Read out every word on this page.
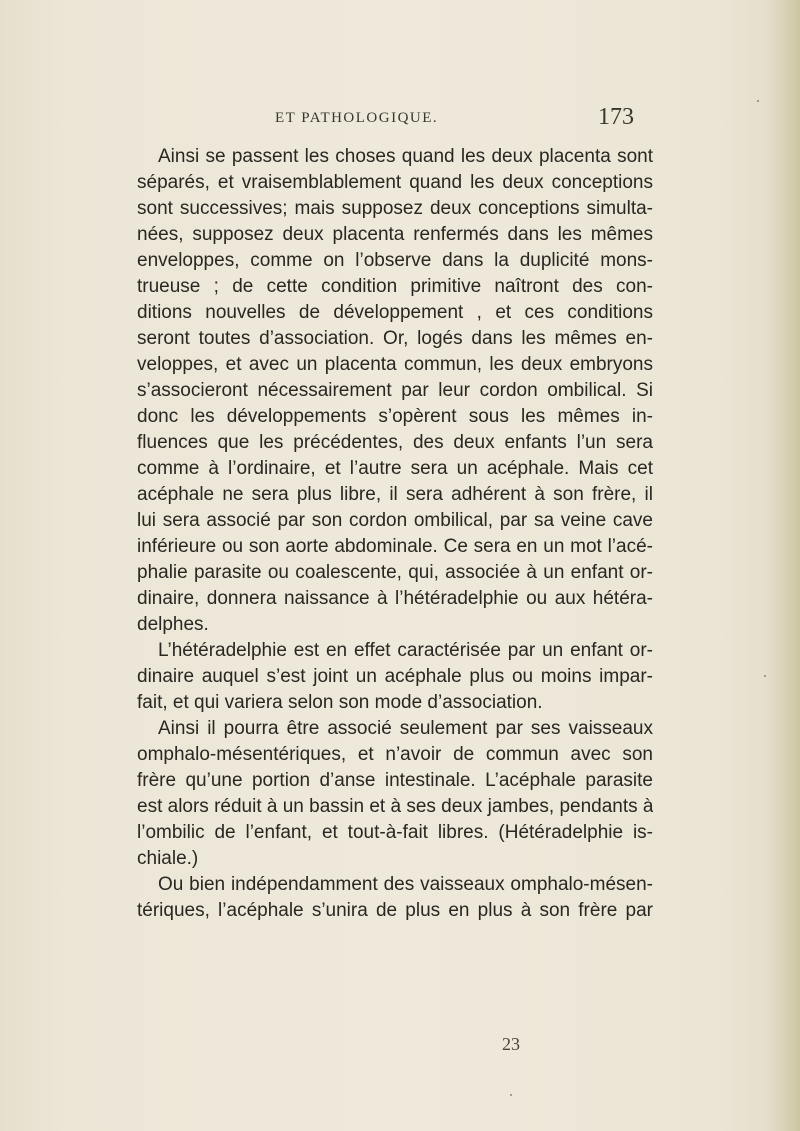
ET PATHOLOGIQUE.	173
Ainsi se passent les choses quand les deux placenta sont
séparés, et vraisemblablement quand les deux conceptions
sont successives; mais supposez deux conceptions simulta-
nées, supposez deux placenta renfermés dans les mêmes
enveloppes, comme on l’observe dans la duplicité mons-
trueuse ; de cette condition primitive naîtront des con-
ditions nouvelles de développement , et ces conditions
seront toutes d’association. Or, logés dans les mêmes en-
veloppes, et avec un placenta commun, les deux embryons
s’associeront nécessairement par leur cordon ombilical. Si
donc les développements s’opèrent sous les mêmes in-
fluences que les précédentes, des deux enfants l’un sera
comme à l’ordinaire, et l’autre sera un acéphale. Mais cet
acéphale ne sera plus libre, il sera adhérent à son frère, il
lui sera associé par son cordon ombilical, par sa veine cave
inférieure ou son aorte abdominale. Ce sera en un mot l’acé-
phalie parasite ou coalescente, qui, associée à un enfant or-
dinaire, donnera naissance à l’hétéradelphie ou aux hétéra-
delphes.
L’hétéradelphie est en effet caractérisée par un enfant or-
dinaire auquel s’est joint un acéphale plus ou moins impar-
fait, et qui variera selon son mode d’association.
Ainsi il pourra être associé seulement par ses vaisseaux
omphalo-mésentériques, et n’avoir de commun avec son
frère qu’une portion d’anse intestinale. L’acéphale parasite
est alors réduit à un bassin et à ses deux jambes, pendants à
l’ombilic de l’enfant, et tout-à-fait libres. (Hétéradelphie is-
chiale.)
Ou bien indépendamment des vaisseaux omphalo-mésen-
tériques, l’acéphale s’unira de plus en plus à son frère par
23
